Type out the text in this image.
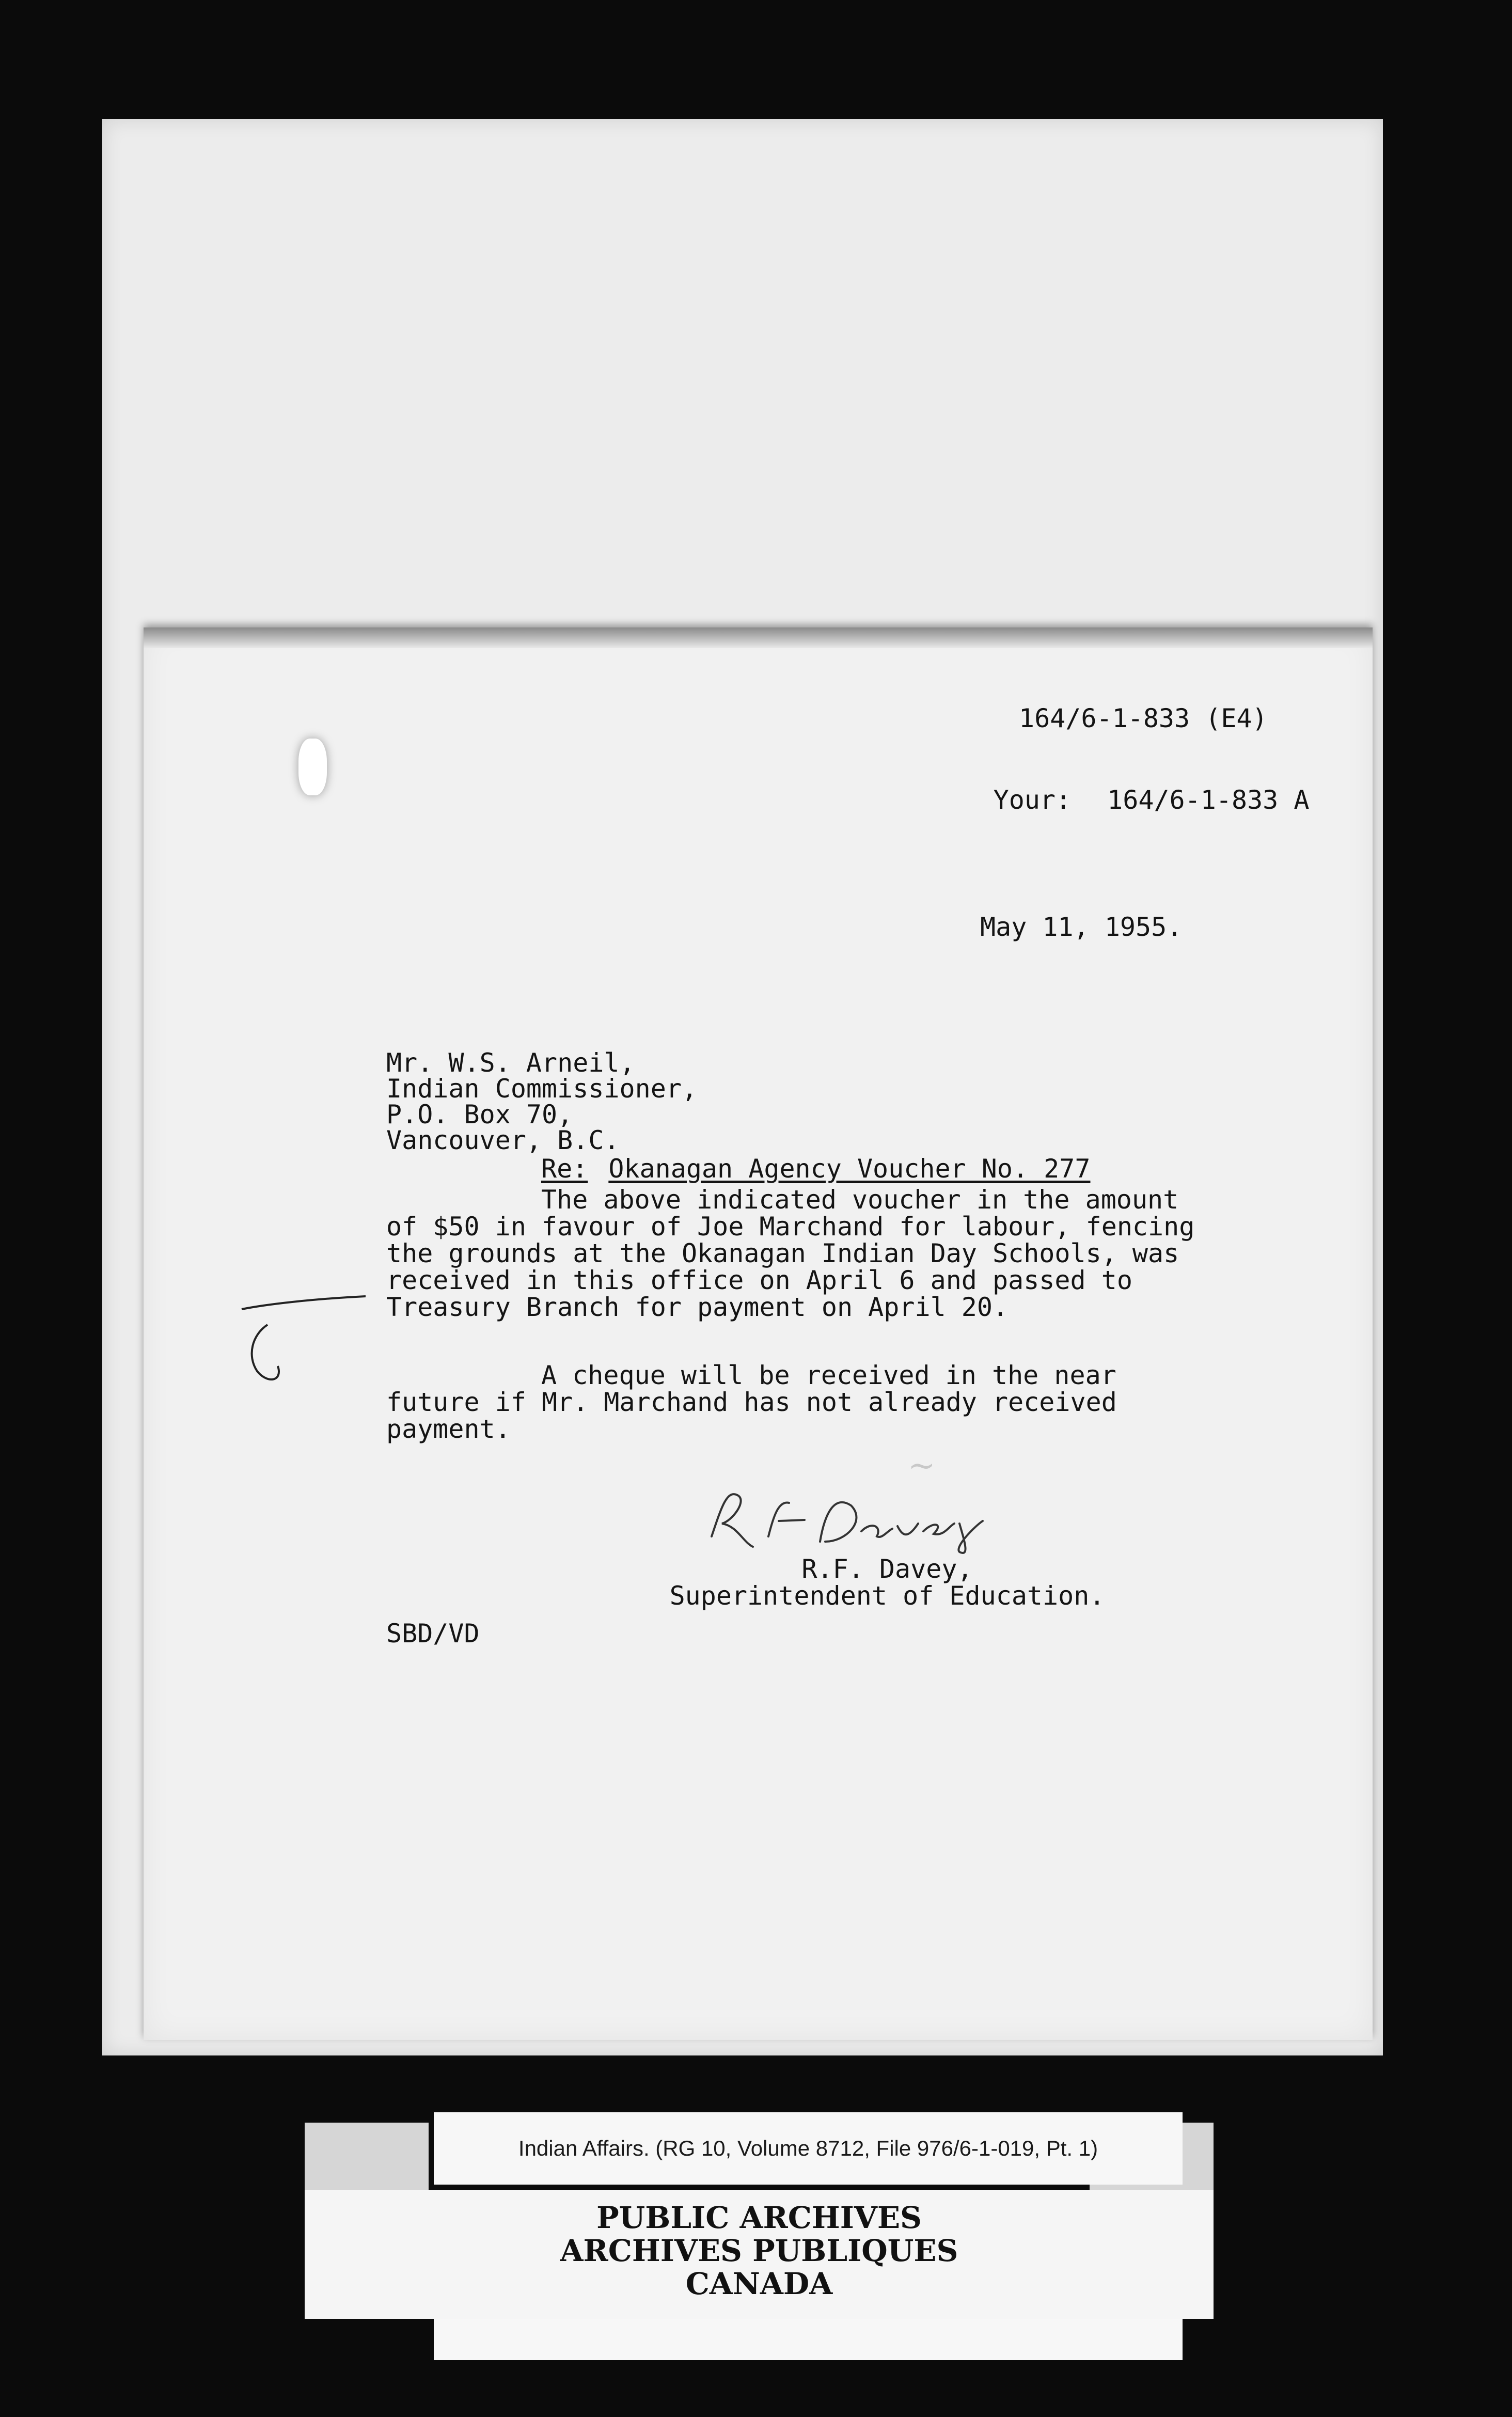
164/6-1-833 (E4)

Your: 164/6-1-833 A

May 11, 1955.
Mr. W.S. Arneil,
Indian Commissioner,
P.O. Box 70,
Vancouver, B.C.
Re: Okanagan Agency Voucher No. 277
The above indicated voucher in the amount
of $50 in favour of Joe Marchand for labour, fencing
the grounds at the Okanagan Indian Day Schools, was
received in this office on April 6 and passed to
Treasury Branch for payment on April 20.
A cheque will be received in the near
future if Mr. Marchand has not already received
payment.
~
R.F. Davey,
Superintendent of Education.
SBD/VD
Indian Affairs. (RG 10, Volume 8712, File 976/6-1-019, Pt. 1)
PUBLIC ARCHIVES
ARCHIVES PUBLIQUES
CANADA
